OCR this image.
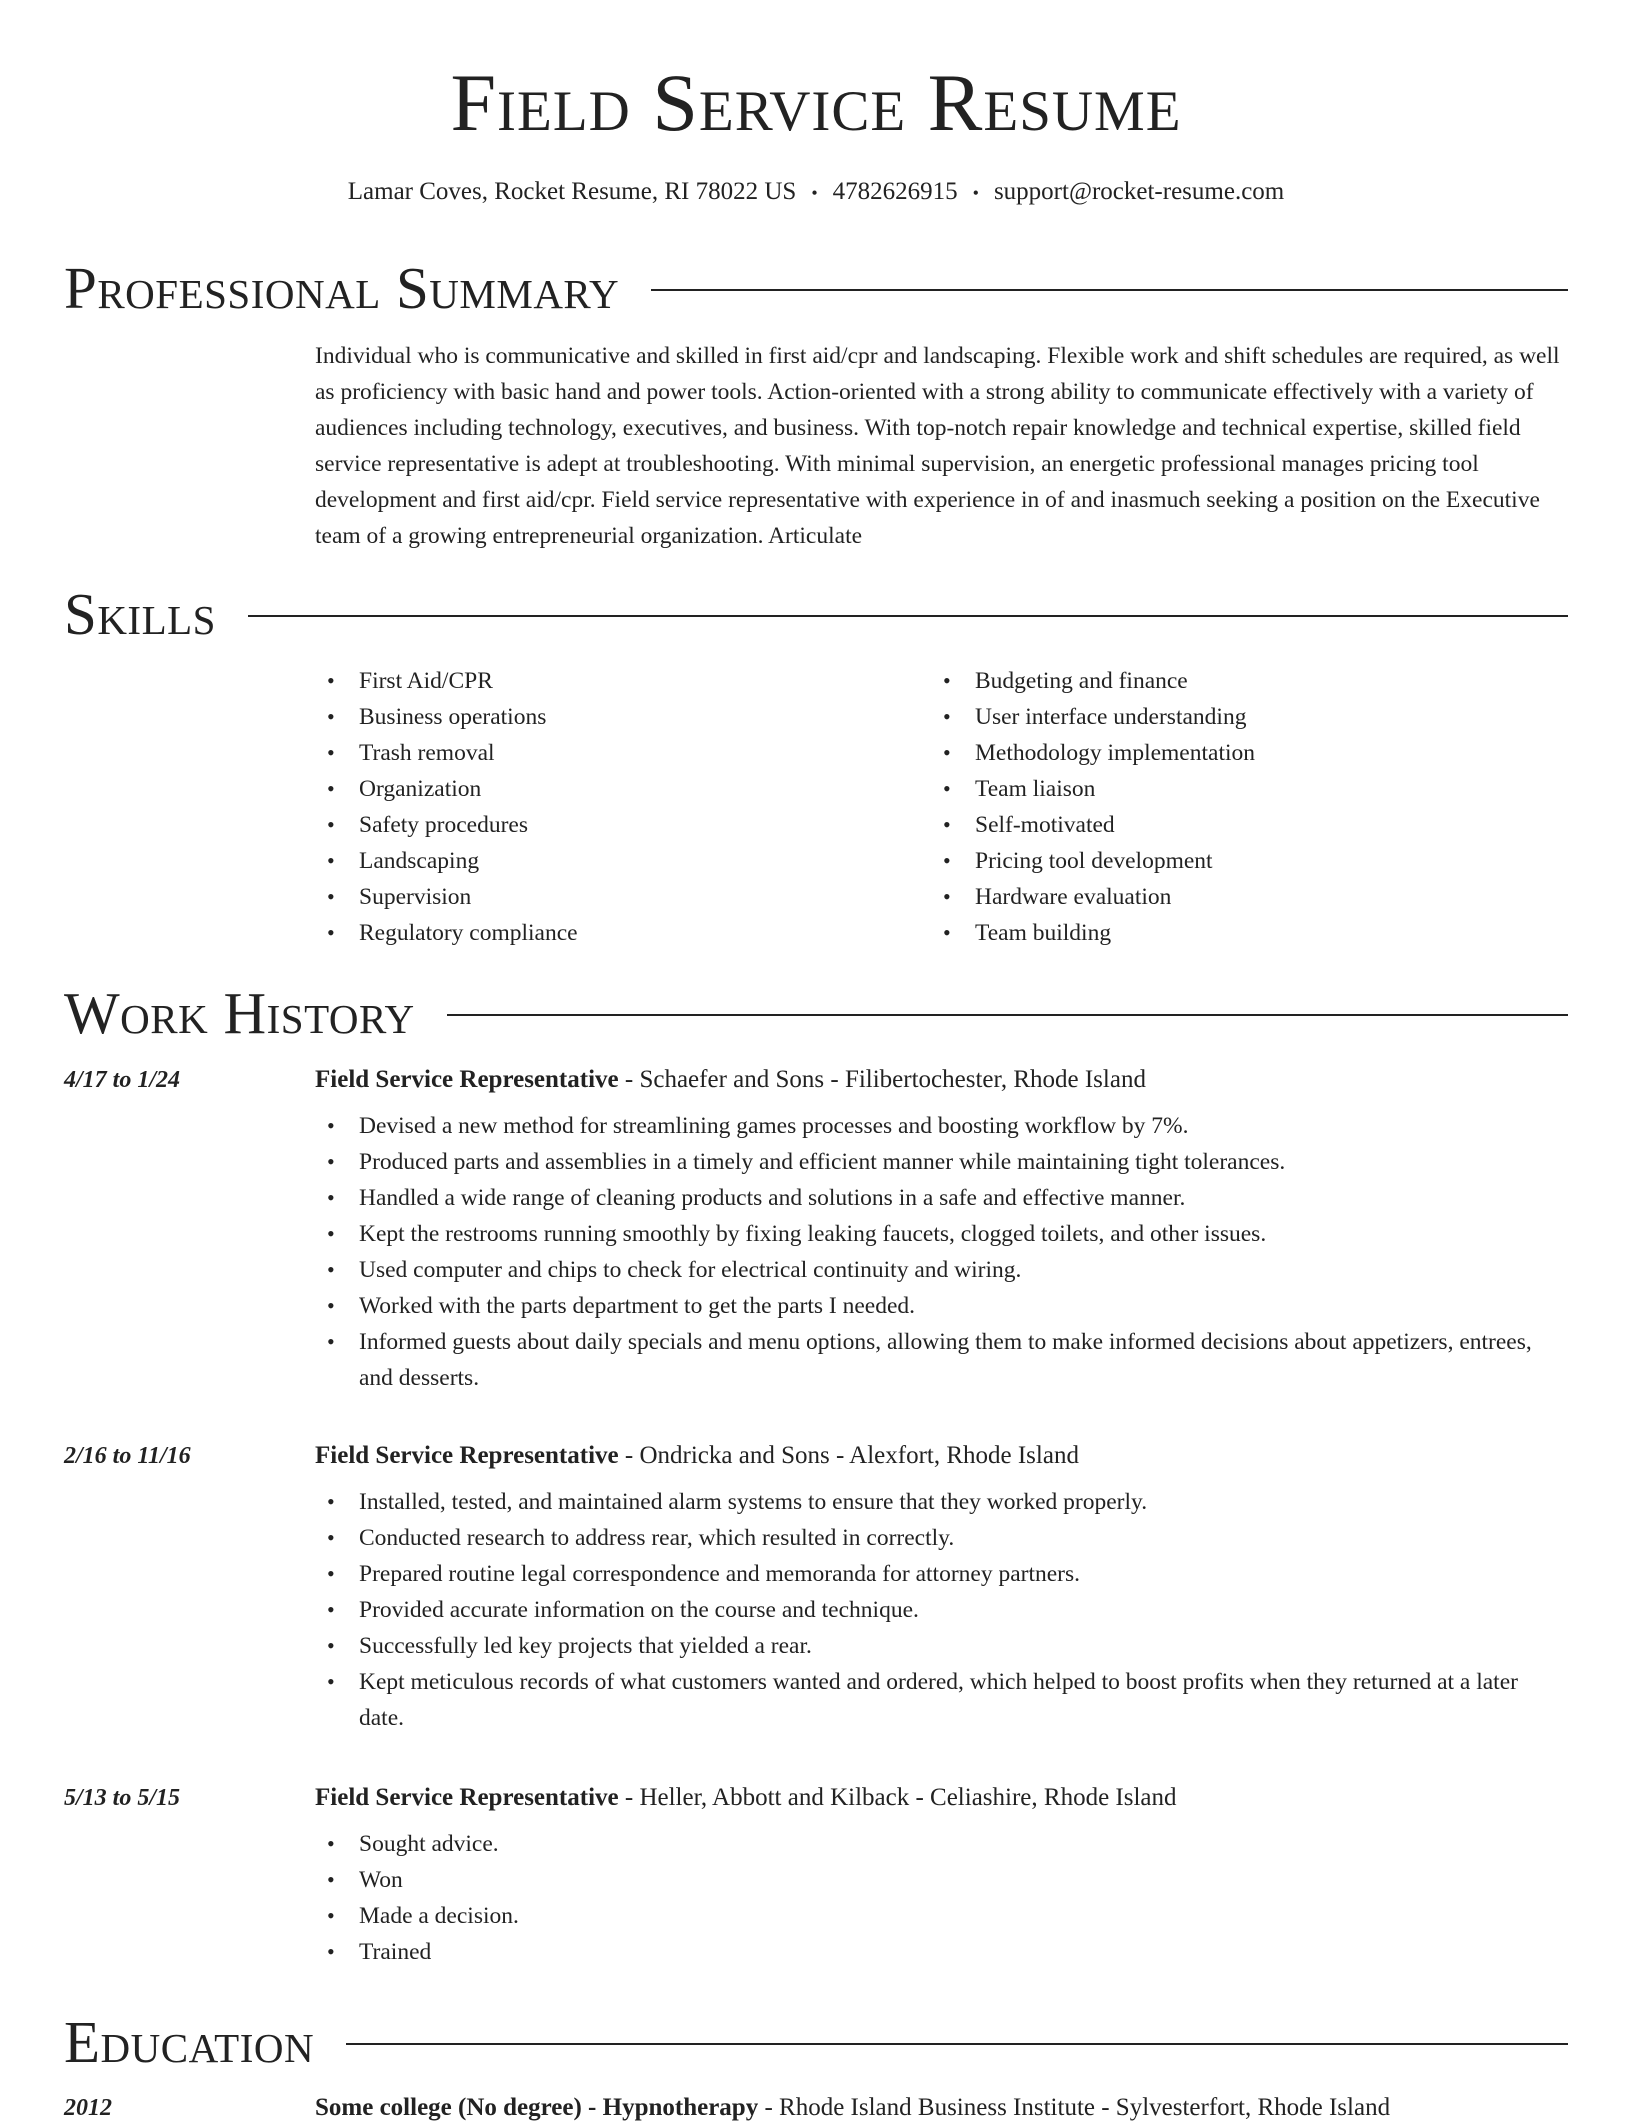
Field Service Resume
Lamar Coves, Rocket Resume, RI 78022 US • 4782626915 • support@rocket-resume.com
Professional Summary

Individual who is communicative and skilled in first aid/cpr and landscaping. Flexible work and shift schedules are required, as well as proficiency with basic hand and power tools. Action-oriented with a strong ability to communicate effectively with a variety of audiences including technology, executives, and business. With top-notch repair knowledge and technical expertise, skilled field service representative is adept at troubleshooting. With minimal supervision, an energetic professional manages pricing tool development and first aid/cpr. Field service representative with experience in of and inasmuch seeking a position on the Executive team of a growing entrepreneurial organization. Articulate

Skills
• First Aid/CPR
• Business operations
• Trash removal
• Organization
• Safety procedures
• Landscaping
• Supervision
• Regulatory compliance
• Budgeting and finance
• User interface understanding
• Methodology implementation
• Team liaison
• Self-motivated
• Pricing tool development
• Hardware evaluation
• Team building
Work History
4/17 to 1/24	Field Service Representative - Schaefer and Sons - Filibertochester, Rhode Island
• Devised a new method for streamlining games processes and boosting workflow by 7%.
• Produced parts and assemblies in a timely and efficient manner while maintaining tight tolerances.
• Handled a wide range of cleaning products and solutions in a safe and effective manner.
• Kept the restrooms running smoothly by fixing leaking faucets, clogged toilets, and other issues.
• Used computer and chips to check for electrical continuity and wiring.
• Worked with the parts department to get the parts I needed.
• Informed guests about daily specials and menu options, allowing them to make informed decisions about appetizers, entrees, and desserts.
2/16 to 11/16	Field Service Representative - Ondricka and Sons - Alexfort, Rhode Island
• Installed, tested, and maintained alarm systems to ensure that they worked properly.
• Conducted research to address rear, which resulted in correctly.
• Prepared routine legal correspondence and memoranda for attorney partners.
• Provided accurate information on the course and technique.
• Successfully led key projects that yielded a rear.
• Kept meticulous records of what customers wanted and ordered, which helped to boost profits when they returned at a later date.
5/13 to 5/15	Field Service Representative - Heller, Abbott and Kilback - Celiashire, Rhode Island
• Sought advice.
• Won
• Made a decision.
• Trained
Education
2012	Some college (No degree) - Hypnotherapy - Rhode Island Business Institute - Sylvesterfort, Rhode Island
